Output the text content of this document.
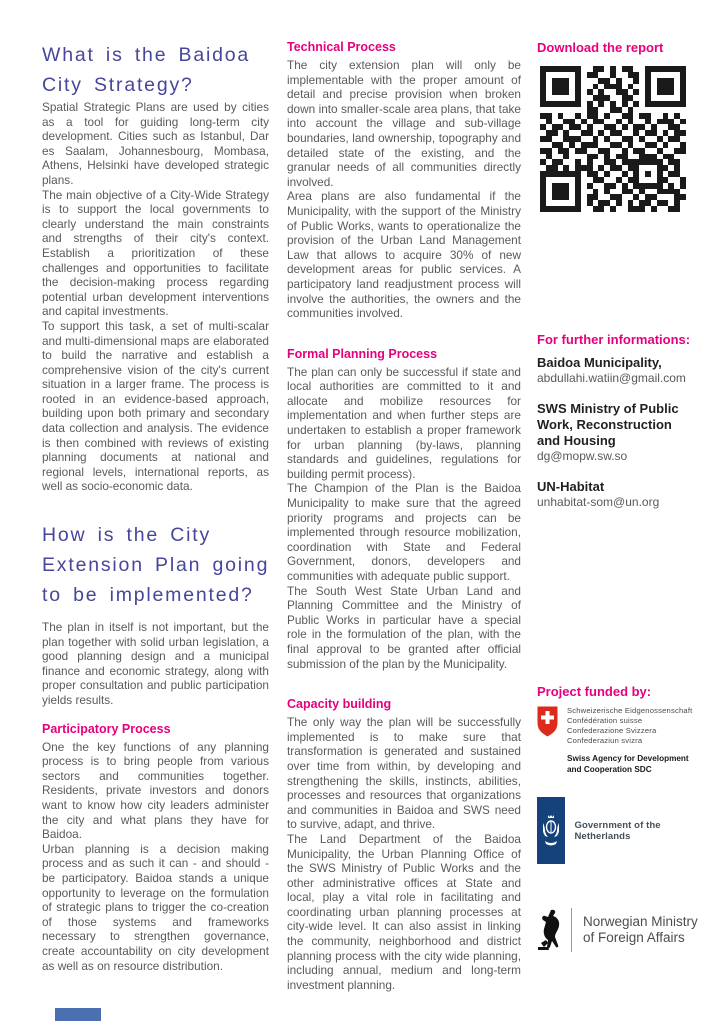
What is the Baidoa
City Strategy?

Spatial Strategic Plans are used by cities as a tool for guiding long-term city development. Cities such as Istanbul, Dar es Saalam, Johannesbourg, Mombasa, Athens, Helsinki have developed strategic plans.

The main objective of a City-Wide Strategy is to support the local governments to clearly understand the main constraints and strengths of their city's context. Establish a prioritization of these challenges and opportunities to facilitate the decision-making process regarding potential urban development interventions and capital investments.

To support this task, a set of multi-scalar and multi-dimensional maps are elaborated to build the narrative and establish a comprehensive vision of the city's current situation in a larger frame. The process is rooted in an evidence-based approach, building upon both primary and secondary data collection and analysis. The evidence is then combined with reviews of existing planning documents at national and regional levels, international reports, as well as socio-economic data.

How is the City
Extension Plan going
to be implemented?

The plan in itself is not important, but the plan together with solid urban legislation, a good planning design and a municipal finance and economic strategy, along with proper consultation and public participation yields results.

Participatory Process

One the key functions of any planning process is to bring people from various sectors and communities together. Residents, private investors and donors want to know how city leaders administer the city and what plans they have for Baidoa.

Urban planning is a decision making process and as such it can - and should - be participatory. Baidoa stands a unique opportunity to leverage on the formulation of strategic plans to trigger the co-creation of those systems and frameworks necessary to strengthen governance, create accountability on city development as well as on resource distribution.

Technical Process

The city extension plan will only be implementable with the proper amount of detail and precise provision when broken down into smaller-scale area plans, that take into account the village and sub-village boundaries, land ownership, topography and detailed state of the existing, and the granular needs of all communities directly involved.

Area plans are also fundamental if the Municipality, with the support of the Ministry of Public Works, wants to operationalize the provision of the Urban Land Management Law that allows to acquire 30% of new development areas for public services. A participatory land readjustment process will involve the authorities, the owners and the communities involved.

Formal Planning Process

The plan can only be successful if state and local authorities are committed to it and allocate and mobilize resources for implementation and when further steps are undertaken to establish a proper framework for urban planning (by-laws, planning standards and guidelines, regulations for building permit process).

The Champion of the Plan is the Baidoa Municipality to make sure that the agreed priority programs and projects can be implemented through resource mobilization, coordination with State and Federal Government, donors, developers and communities with adequate public support.

The South West State Urban Land and Planning Committee and the Ministry of Public Works in particular have a special role in the formulation of the plan, with the final approval to be granted after official submission of the plan by the Municipality.

Capacity building

The only way the plan will be successfully implemented is to make sure that transformation is generated and sustained over time from within, by developing and strengthening the skills, instincts, abilities, processes and resources that organizations and communities in Baidoa and SWS need to survive, adapt, and thrive.

The Land Department of the Baidoa Municipality, the Urban Planning Office of the SWS Ministry of Public Works and the other administrative offices at State and local, play a vital role in facilitating and coordinating urban planning processes at city-wide level. It can also assist in linking the community, neighborhood and district planning process with the city wide planning, including annual, medium and long-term investment planning.

Download the report
For further informations:
Baidoa Municipality,
abdullahi.watiin@gmail.com
SWS Ministry of Public
Work, Reconstruction
and Housing
dg@mopw.sw.so
UN-Habitat
unhabitat-som@un.org
Project funded by:
Schweizerische Eidgenossenschaft
Confédération suisse
Confederazione Svizzera
Confederaziun svizra
Swiss Agency for Development
and Cooperation SDC
Government of the Netherlands
Norwegian Ministry
of Foreign Affairs
